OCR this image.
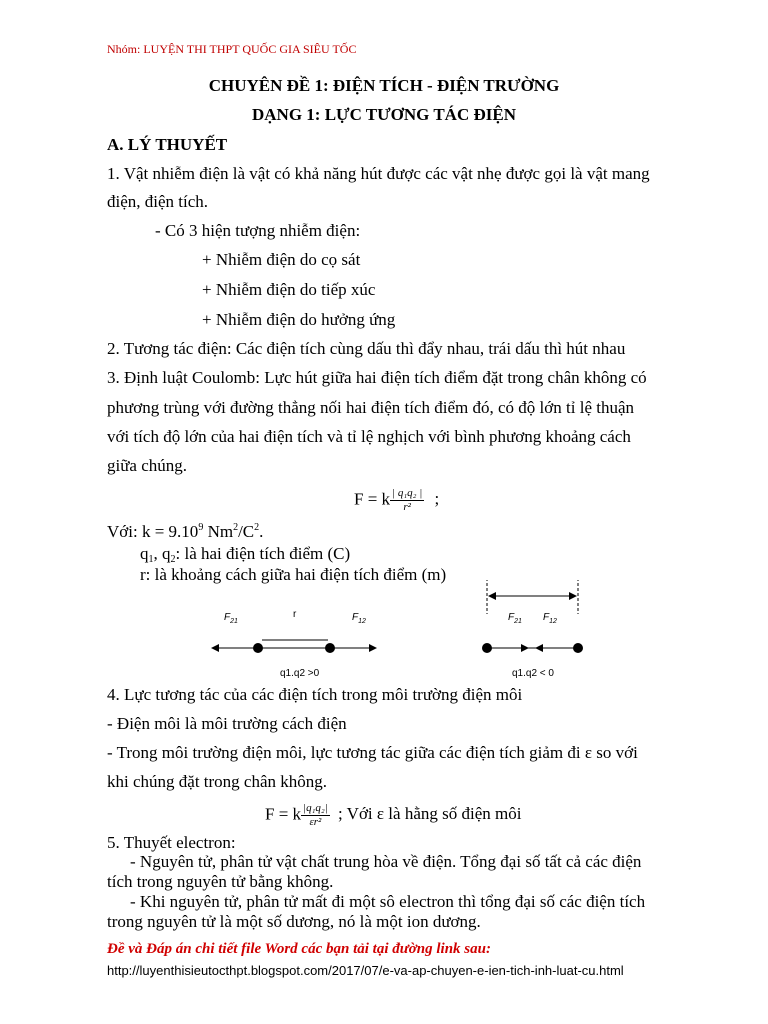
Nhóm: LUYỆN THI THPT QUỐC GIA SIÊU TỐC
CHUYÊN ĐỀ 1: ĐIỆN TÍCH - ĐIỆN TRƯỜNG
DẠNG 1: LỰC TƯƠNG TÁC ĐIỆN
A. LÝ THUYẾT
1. Vật nhiễm điện là vật có khả năng hút được các vật nhẹ được gọi là vật mang
điện, điện tích.
- Có 3 hiện tượng nhiễm điện:
+ Nhiễm điện do cọ sát
+ Nhiễm điện do tiếp xúc
+ Nhiễm điện do hưởng ứng
2. Tương tác điện: Các điện tích cùng dấu thì đẩy nhau, trái dấu thì hút nhau
3. Định luật Coulomb: Lực hút giữa hai điện tích điểm đặt trong chân không có
phương trùng với đường thẳng nối hai điện tích điểm đó, có độ lớn tỉ lệ thuận
với tích độ lớn của hai điện tích và tỉ lệ nghịch với bình phương khoảng cách
giữa chúng.
F = k $\frac{\text{| q₁q₂ |}}{\text{r²}}$ ;
Với: $k = 9.10^9$ $Nm^2/C^2$.
$q_1$, $q_2$: là hai điện tích điểm (C)
r: là khoảng cách giữa hai điện tích điểm (m)
$F_{21}$
r	$F_{12}$
q1.q2 >0
$F_{21}$ $F_{12}$
q1.q2 < 0
4. Lực tương tác của các điện tích trong môi trường điện môi
- Điện môi là môi trường cách điện
- Trong môi trường điện môi, lực tương tác giữa các điện tích giảm đi ε so với
khi chúng đặt trong chân không.
F = k $\frac{\text{|q₁q₂|}}{\text{εr²}}$ ; Với ε là hằng số điện môi
5. Thuyết electron:
- Nguyên tử, phân tử vật chất trung hòa về điện. Tổng đại số tất cả các điện
tích trong nguyên tử bằng không.
- Khi nguyên tử, phân tử mất đi một sô electron thì tổng đại số các điện tích
trong nguyên tử là một số dương, nó là một ion dương.
Đề và Đáp án chi tiết file Word các bạn tải tại đường link sau:
http://luyenthisieutocthpt.blogspot.com/2017/07/e-va-ap-chuyen-e-ien-tich-inh-luat-cu.html
